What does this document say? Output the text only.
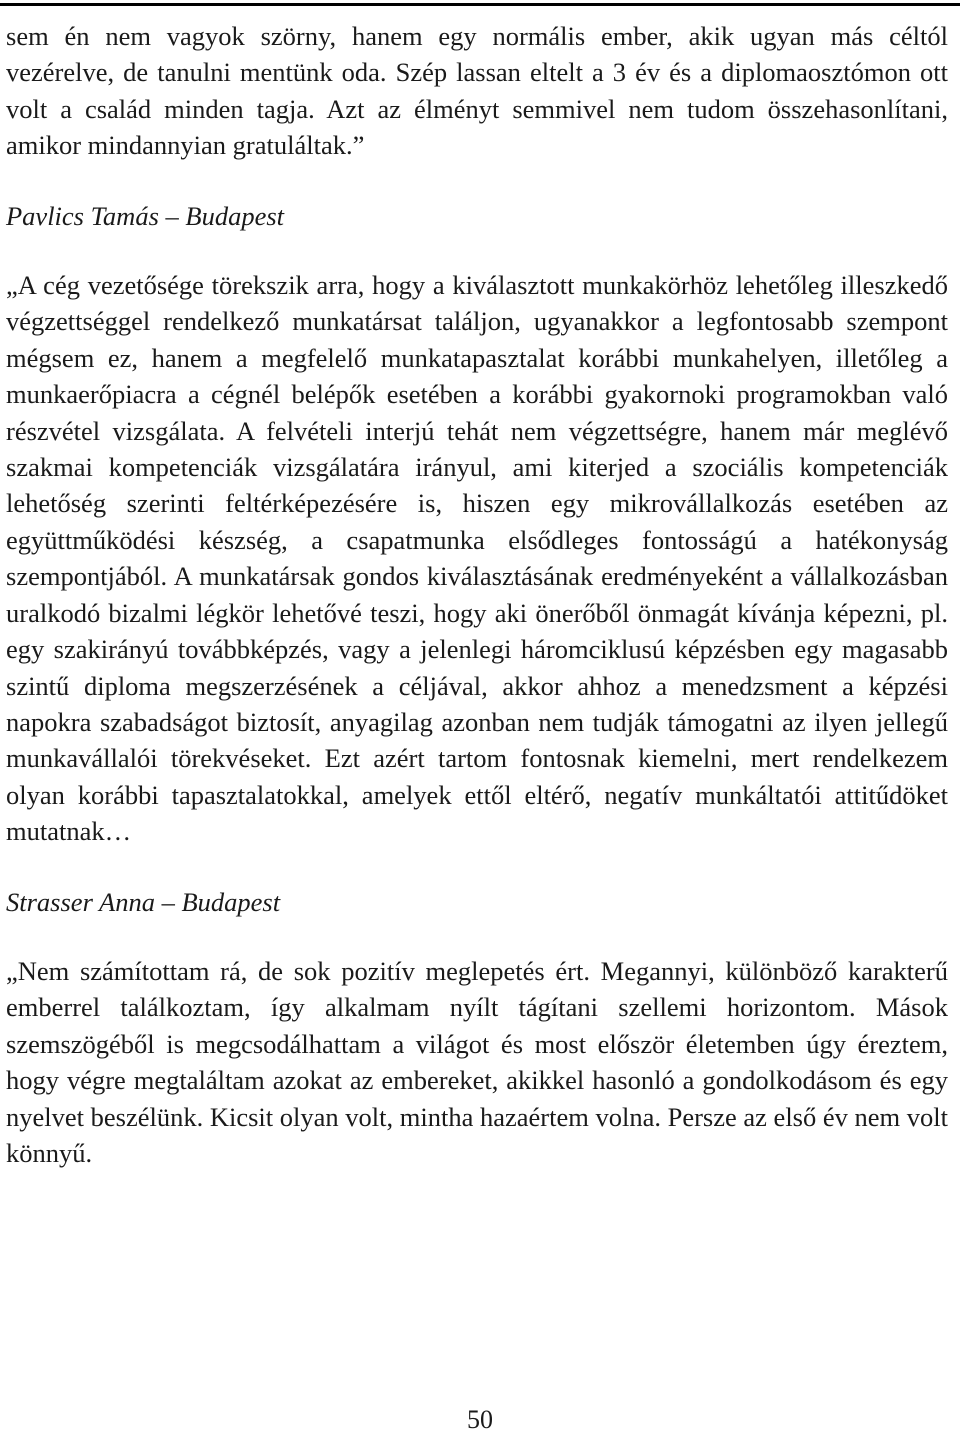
sem én nem vagyok szörny, hanem egy normális ember, akik ugyan más céltól vezérelve, de tanulni mentünk oda. Szép lassan eltelt a 3 év és a diplomaosztómon ott volt a család minden tagja. Azt az élményt semmivel nem tudom összehasonlítani, amikor mindannyian gratuláltak.”

Pavlics Tamás – Budapest

„A cég vezetősége törekszik arra, hogy a kiválasztott munkakörhöz lehetőleg illeszkedő végzettséggel rendelkező munkatársat találjon, ugyanakkor a legfontosabb szempont mégsem ez, hanem a megfelelő munkatapasztalat korábbi munkahelyen, illetőleg a munkaerőpiacra a cégnél belépők esetében a korábbi gyakornoki programokban való részvétel vizsgálata. A felvételi interjú tehát nem végzettségre, hanem már meglévő szakmai kompetenciák vizsgálatára irányul, ami kiterjed a szociális kompetenciák lehetőség szerinti feltérképezésére is, hiszen egy mikrovállalkozás esetében az együttműködési készség, a csapatmunka elsődleges fontosságú a hatékonyság szempontjából. A munkatársak gondos kiválasztásának eredményeként a vállalkozásban uralkodó bizalmi légkör lehetővé teszi, hogy aki önerőből önmagát kívánja képezni, pl. egy szakirányú továbbképzés, vagy a jelenlegi háromciklusú képzésben egy magasabb szintű diploma megszerzésének a céljával, akkor ahhoz a menedzsment a képzési napokra szabadságot biztosít, anyagilag azonban nem tudják támogatni az ilyen jellegű munkavállalói törekvéseket. Ezt azért tartom fontosnak kiemelni, mert rendelkezem olyan korábbi tapasztalatokkal, amelyek ettől eltérő, negatív munkáltatói attitűdöket mutatnak…

Strasser Anna – Budapest

„Nem számítottam rá, de sok pozitív meglepetés ért. Megannyi, különböző karakterű emberrel találkoztam, így alkalmam nyílt tágítani szellemi horizontom. Mások szemszögéből is megcsodálhattam a világot és most először életemben úgy éreztem, hogy végre megtaláltam azokat az embereket, akikkel hasonló a gondolkodásom és egy nyelvet beszélünk. Kicsit olyan volt, mintha hazaértem volna. Persze az első év nem volt könnyű.

50
